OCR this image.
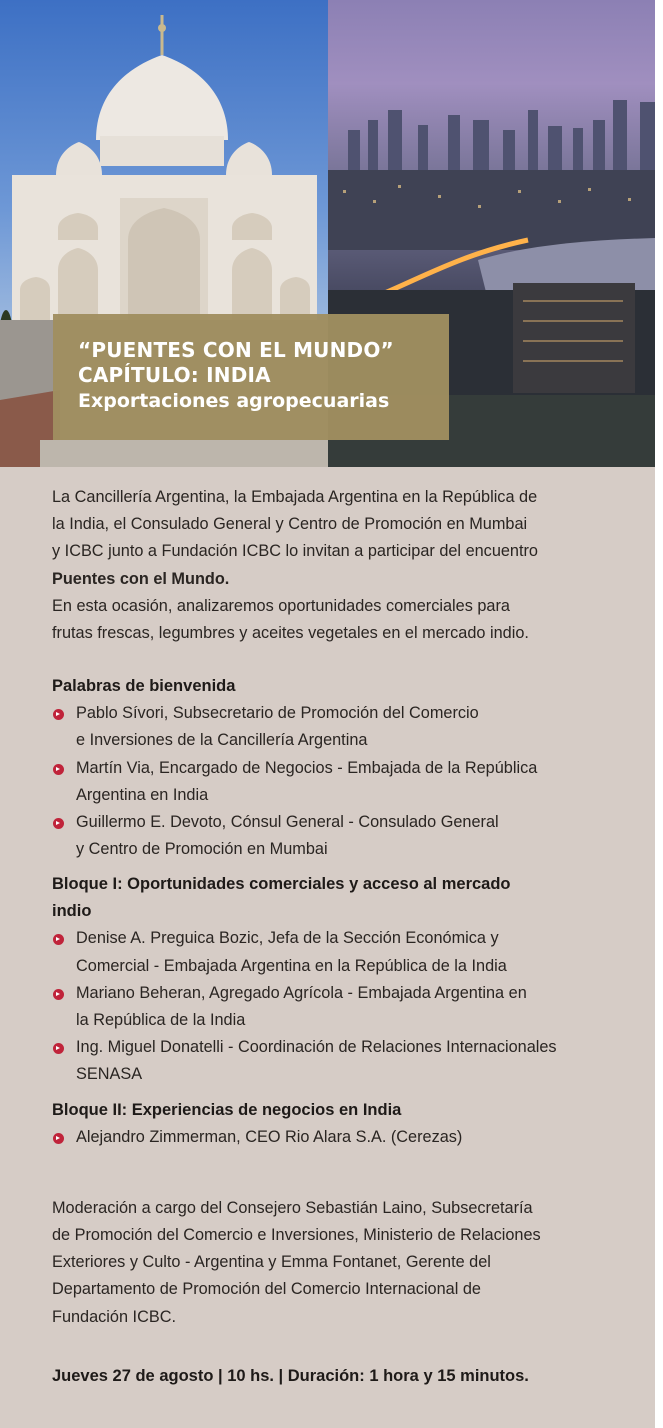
“PUENTES CON EL MUNDO”
CAPÍTULO: INDIA
Exportaciones agropecuarias

La Cancillería Argentina, la Embajada Argentina en la República de

la India, el Consulado General y Centro de Promoción en Mumbai

y ICBC junto a Fundación ICBC lo invitan a participar del encuentro

Puentes con el Mundo.

En esta ocasión, analizaremos oportunidades comerciales para

frutas frescas, legumbres y aceites vegetales en el mercado indio.

Palabras de bienvenida

Pablo Sívori, Subsecretario de Promoción del Comercio
e Inversiones de la Cancillería Argentina
Martín Via, Encargado de Negocios - Embajada de la República
Argentina en India
Guillermo E. Devoto, Cónsul General - Consulado General
y Centro de Promoción en Mumbai

Bloque I: Oportunidades comerciales y acceso al mercado

indio

Denise A. Preguica Bozic, Jefa de la Sección Económica y
Comercial - Embajada Argentina en la República de la India
Mariano Beheran, Agregado Agrícola - Embajada Argentina en
la República de la India
Ing. Miguel Donatelli - Coordinación de Relaciones Internacionales
SENASA

Bloque II: Experiencias de negocios en India

Alejandro Zimmerman, CEO Rio Alara S.A. (Cerezas)
Moderación a cargo del Consejero Sebastián Laino, Subsecretaría
de Promoción del Comercio e Inversiones, Ministerio de Relaciones
Exteriores y Culto - Argentina y Emma Fontanet, Gerente del
Departamento de Promoción del Comercio Internacional de
Fundación ICBC.
Jueves 27 de agosto | 10 hs. | Duración: 1 hora y 15 minutos.
